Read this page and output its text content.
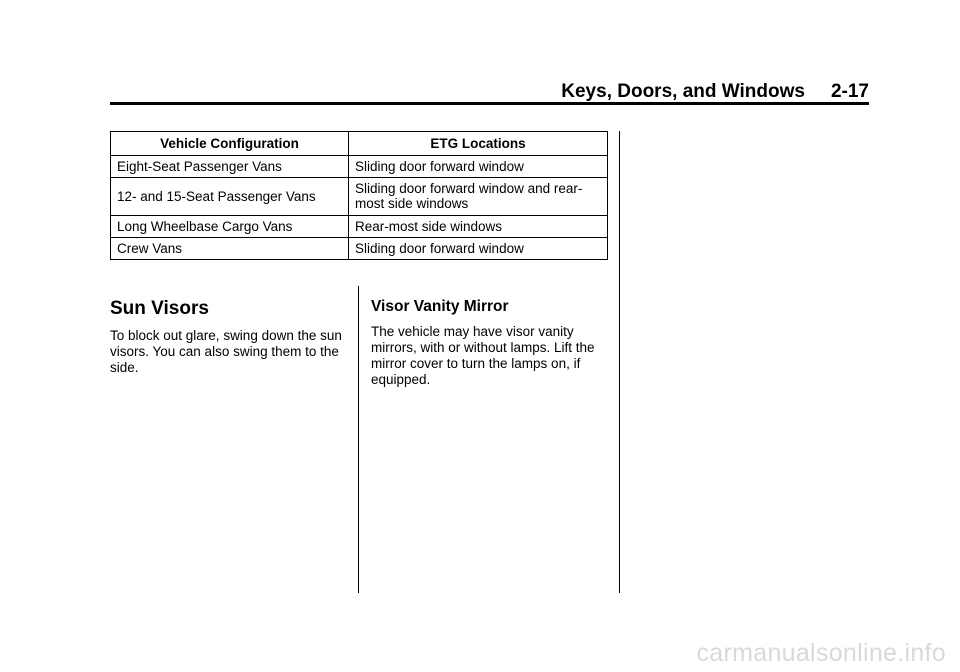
Keys, Doors, and Windows 2-17
Vehicle Configuration	ETG Locations
Eight-Seat Passenger Vans	Sliding door forward window
12- and 15-Seat Passenger Vans	Sliding door forward window and rear-most side windows
Long Wheelbase Cargo Vans	Rear-most side windows
Crew Vans	Sliding door forward window
Sun Visors
To block out glare, swing down the sun visors. You can also swing them to the side.
Visor Vanity Mirror
The vehicle may have visor vanity mirrors, with or without lamps. Lift the mirror cover to turn the lamps on, if equipped.
carmanualsonline.info
